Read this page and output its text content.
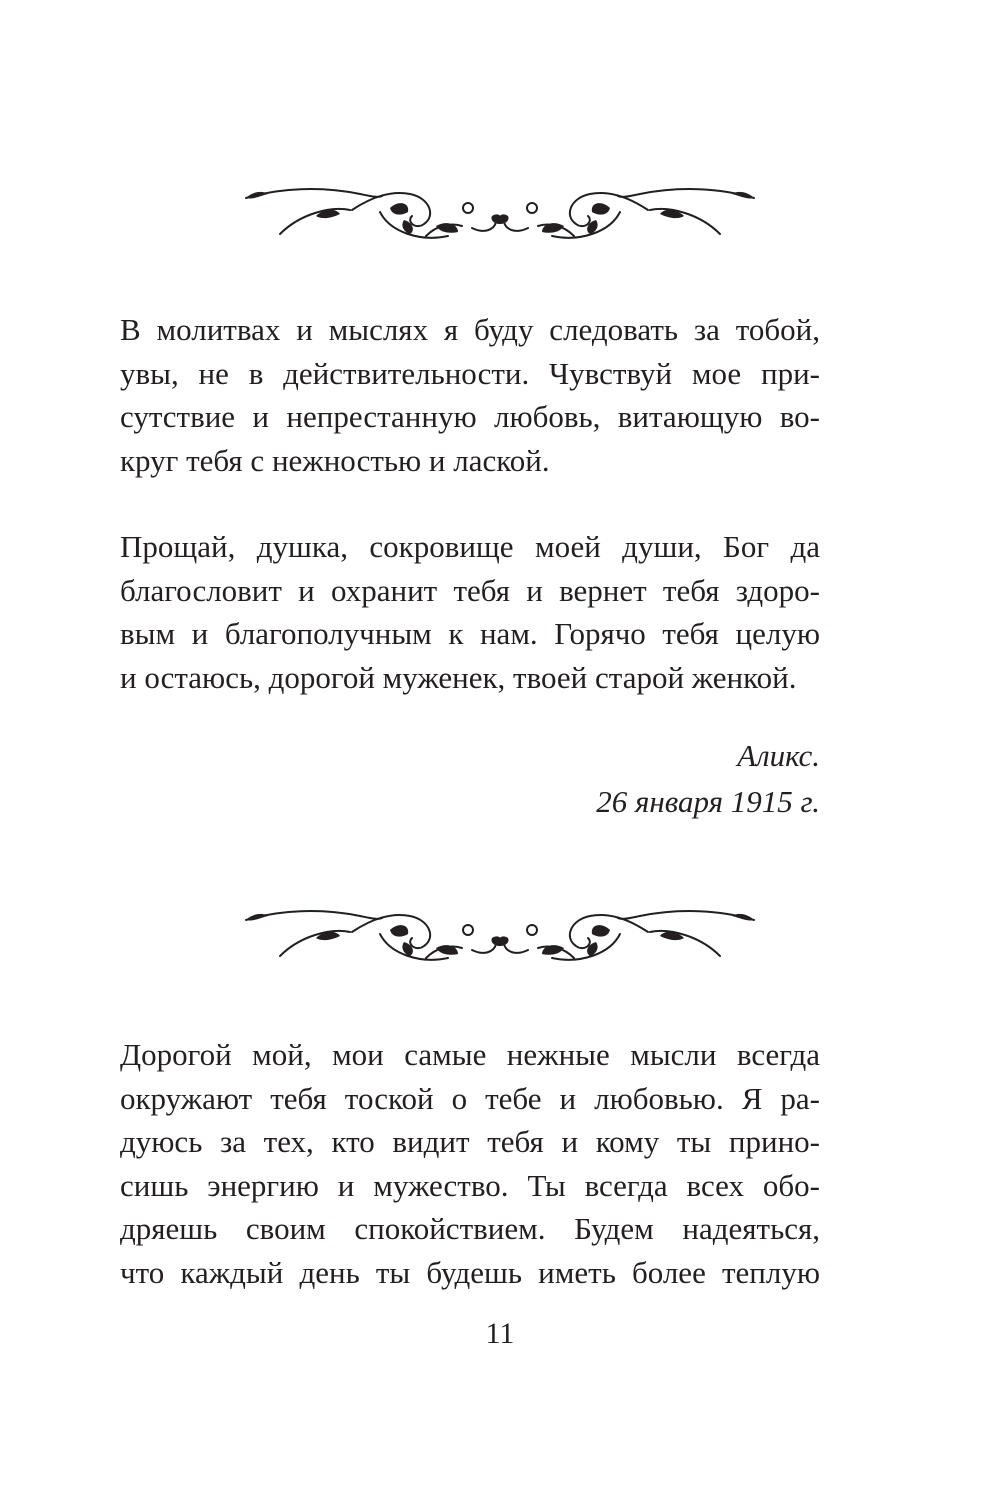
В молитвах и мыслях я буду следовать за тобой,
увы, не в действительности. Чувствуй мое при-
сутствие и непрестанную любовь, витающую во-
круг тебя с нежностью и лаской.
Прощай, душка, сокровище моей души, Бог да
благословит и охранит тебя и вернет тебя здоро-
вым и благополучным к нам. Горячо тебя целую
и остаюсь, дорогой муженек, твоей старой женкой.
Аликс.
26 января 1915 г.
Дорогой мой, мои самые нежные мысли всегда
окружают тебя тоской о тебе и любовью. Я ра-
дуюсь за тех, кто видит тебя и кому ты прино-
сишь энергию и мужество. Ты всегда всех обо-
дряешь своим спокойствием. Будем надеяться,
что каждый день ты будешь иметь более теплую
11
